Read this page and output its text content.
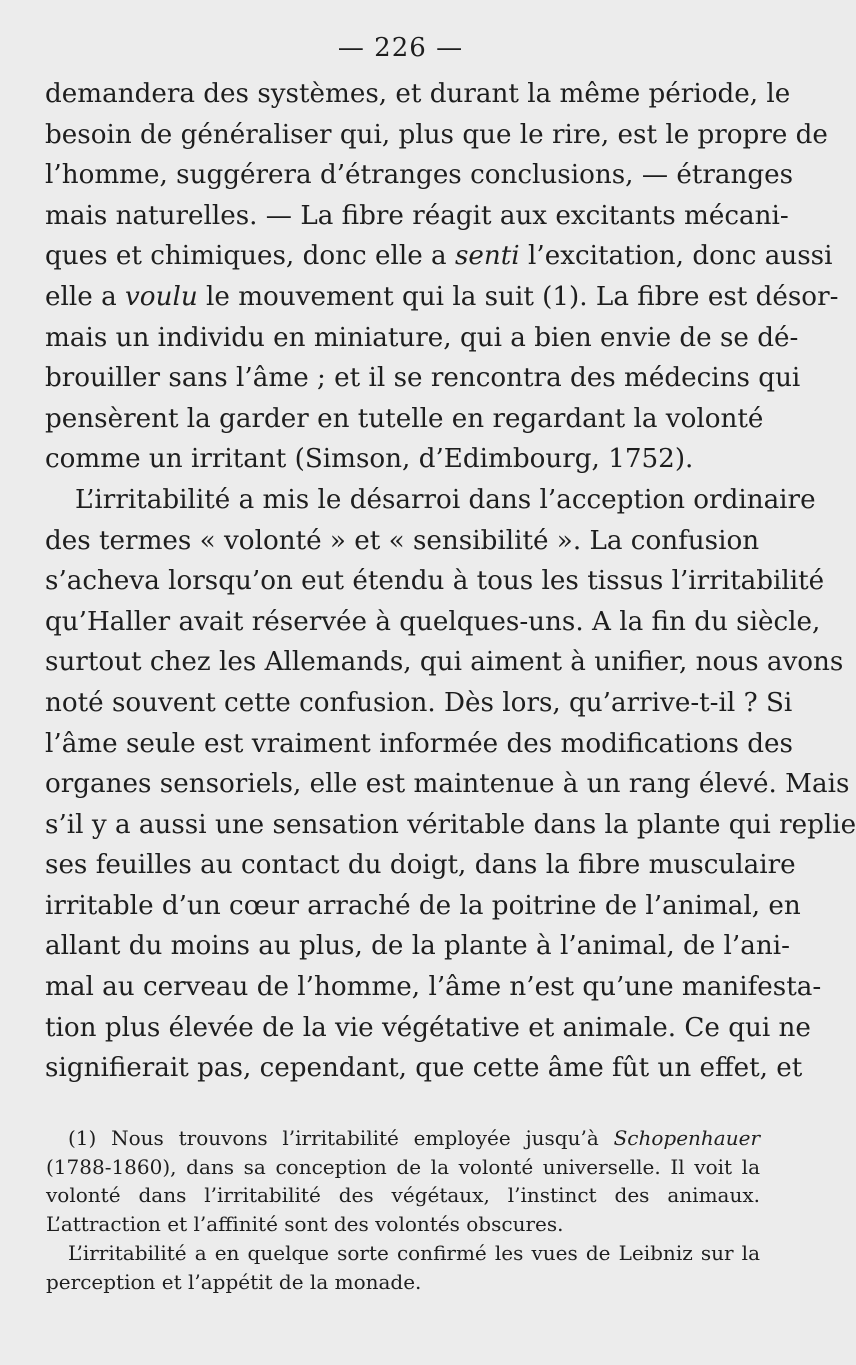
— 226 —
demandera des systèmes, et durant la même période, le
besoin de généraliser qui, plus que le rire, est le propre de
l’homme, suggérera d’étranges conclusions, — étranges
mais naturelles. — La fibre réagit aux excitants mécani-
ques et chimiques, donc elle a senti l’excitation, donc aussi
elle a voulu le mouvement qui la suit (1). La fibre est désor-
mais un individu en miniature, qui a bien envie de se dé-
brouiller sans l’âme ; et il se rencontra des médecins qui
pensèrent la garder en tutelle en regardant la volonté
comme un irritant (Simson, d’Edimbourg, 1752).
L’irritabilité a mis le désarroi dans l’acception ordinaire
des termes « volonté » et « sensibilité ». La confusion
s’acheva lorsqu’on eut étendu à tous les tissus l’irritabilité
qu’Haller avait réservée à quelques-uns. A la fin du siècle,
surtout chez les Allemands, qui aiment à unifier, nous avons
noté souvent cette confusion. Dès lors, qu’arrive-t-il ? Si
l’âme seule est vraiment informée des modifications des
organes sensoriels, elle est maintenue à un rang élevé. Mais
s’il y a aussi une sensation véritable dans la plante qui replie
ses feuilles au contact du doigt, dans la fibre musculaire
irritable d’un cœur arraché de la poitrine de l’animal, en
allant du moins au plus, de la plante à l’animal, de l’ani-
mal au cerveau de l’homme, l’âme n’est qu’une manifesta-
tion plus élevée de la vie végétative et animale. Ce qui ne
signifierait pas, cependant, que cette âme fût un effet, et
(1) Nous trouvons l’irritabilité employée jusqu’à Schopenhauer
(1788-1860), dans sa conception de la volonté universelle. Il voit la
volonté dans l’irritabilité des végétaux, l’instinct des animaux.
L’attraction et l’affinité sont des volontés obscures.
L’irritabilité a en quelque sorte confirmé les vues de Leibniz sur la
perception et l’appétit de la monade.
